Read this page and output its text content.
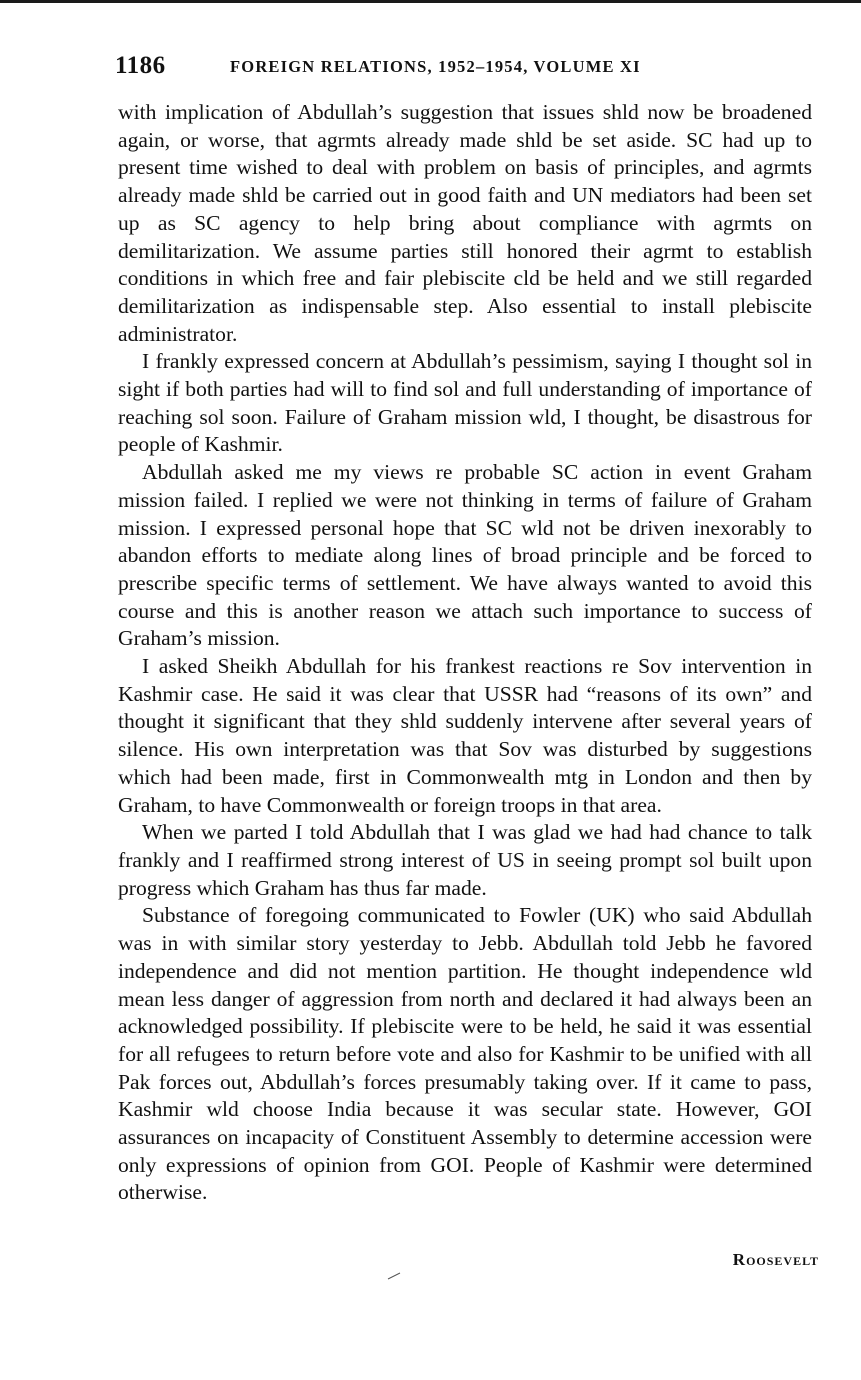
1186	FOREIGN RELATIONS, 1952–1954, VOLUME XI

with implication of Abdullah’s suggestion that issues shld now be broadened again, or worse, that agrmts already made shld be set aside. SC had up to present time wished to deal with problem on basis of principles, and agrmts already made shld be carried out in good faith and UN mediators had been set up as SC agency to help bring about compliance with agrmts on demilitarization. We assume parties still honored their agrmt to establish conditions in which free and fair plebiscite cld be held and we still regarded demilitarization as indispensable step. Also essential to install plebiscite administrator.

I frankly expressed concern at Abdullah’s pessimism, saying I thought sol in sight if both parties had will to find sol and full understanding of importance of reaching sol soon. Failure of Graham mission wld, I thought, be disastrous for people of Kashmir.

Abdullah asked me my views re probable SC action in event Graham mission failed. I replied we were not thinking in terms of failure of Graham mission. I expressed personal hope that SC wld not be driven inexorably to abandon efforts to mediate along lines of broad principle and be forced to prescribe specific terms of settlement. We have always wanted to avoid this course and this is another reason we attach such importance to success of Graham’s mission.

I asked Sheikh Abdullah for his frankest reactions re Sov intervention in Kashmir case. He said it was clear that USSR had “reasons of its own” and thought it significant that they shld suddenly intervene after several years of silence. His own interpretation was that Sov was disturbed by suggestions which had been made, first in Commonwealth mtg in London and then by Graham, to have Commonwealth or foreign troops in that area.

When we parted I told Abdullah that I was glad we had had chance to talk frankly and I reaffirmed strong interest of US in seeing prompt sol built upon progress which Graham has thus far made.

Substance of foregoing communicated to Fowler (UK) who said Abdullah was in with similar story yesterday to Jebb. Abdullah told Jebb he favored independence and did not mention partition. He thought independence wld mean less danger of aggression from north and declared it had always been an acknowledged possibility. If plebiscite were to be held, he said it was essential for all refugees to return before vote and also for Kashmir to be unified with all Pak forces out, Abdullah’s forces presumably taking over. If it came to pass, Kashmir wld choose India because it was secular state. However, GOI assurances on incapacity of Constituent Assembly to determine accession were only expressions of opinion from GOI. People of Kashmir were determined otherwise.

Roosevelt
